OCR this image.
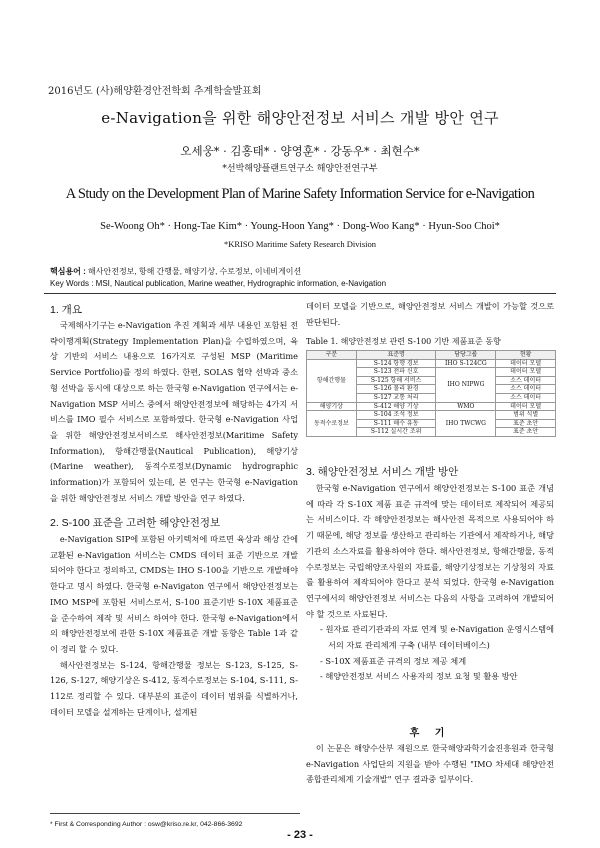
2016년도 (사)해양환경안전학회 추계학술발표회
e-Navigation을 위한 해양안전정보 서비스 개발 방안 연구
오세웅* · 김홍태* · 양영훈* · 강동우* · 최현수*
*선박해양플랜트연구소 해양안전연구부
A Study on the Development Plan of Marine Safety Information Service for e-Navigation
Se-Woong Oh* · Hong-Tae Kim* · Young-Hoon Yang* · Dong-Woo Kang* · Hyun-Soo Choi*
*KRISO Maritime Safety Research Division
핵심용어 : 해사안전정보, 항해 간행물, 해양기상, 수로정보, 이네비게이션
Key Words : MSI, Nautical publication, Marine weather, Hydrographic information, e-Navigation
1. 개요

국제해사기구는 e-Navigation 추진 계획과 세부 내용인 포함된 전략이행계획(Strategy Implementation Plan)을 수립하였으며, 육상 기반의 서비스 내용으로 16가지로 구성된 MSP (Maritime Service Portfolio)를 정의 하였다. 한편, SOLAS 협약 선박과 중소형 선박을 동시에 대상으로 하는 한국형 e-Navigation 연구에서는 e-Navigation MSP 서비스 중에서 해양안전정보에 해당하는 4가지 서비스를 IMO 필수 서비스로 포함하였다. 한국형 e-Navigation 사업을 위한 해양안전정보서비스로 해사안전정보(Maritime Safety Information), 항해간행물(Nautical Publication), 해양기상(Marine weather), 동적수로정보(Dynamic hydrographic information)가 포함되어 있는데, 본 연구는 한국형 e-Navigation을 위한 해양안전정보 서비스 개발 방안을 연구 하였다.

2. S-100 표준을 고려한 해양안전정보

e-Navigation SIP에 포함된 아키텍처에 따르면 육상과 해상 간에 교환된 e-Navigation 서비스는 CMDS 데이터 표준 기반으로 개발되어야 한다고 정의하고, CMDS는 IHO S-100을 기반으로 개발해야 한다고 명시 하였다. 한국형 e-Navigaton 연구에서 해양안전정보는 IMO MSP에 포함된 서비스로서, S-100 표준기반 S-10X 제품표준을 준수하여 제작 및 서비스 하여야 한다. 한국형 e-Navigation에서의 해양안전정보에 관한 S-10X 제품표준 개발 동향은 Table 1과 같이 정리 할 수 있다.

해사안전정보는 S-124, 항해간행물 정보는 S-123, S-125, S-126, S-127, 해양기상은 S-412, 동적수로정보는 S-104, S-111, S-112로 정리할 수 있다. 대부분의 표준이 데이터 범위를 식별하거나, 데이터 모델을 설계하는 단계이나, 설계된

* First & Corresponding Author : osw@kriso.re.kr, 042-866-3692

데이터 모델을 기반으로, 해양안전정보 서비스 개발이 가능할 것으로 판단된다.

Table 1. 해양안전정보 관련 S-100 기반 제품표준 동향
구분	표준명	담당그룹	현황
항해간행물	S-124 항행 경보	IHO S-124CG	데이터 모델
	S-123 전파 신호	IHO NIPWG	데이터 모델
	S-125 항해 서비스		소스 데이터
	S-126 물리 환경		소스 데이터
	S-127 교통 처리		소스 데이터
해양기상	S-412 해양 기상	WMO	데이터 모델
동적수로정보	S-104 조석 정보	IHO TWCWG	범위 식별
	S-111 해수 유동		표준 초안
	S-112 실시간 조위		표준 초안
3. 해양안전정보 서비스 개발 방안

한국형 e-Navigation 연구에서 해양안전정보는 S-100 표준 개념에 따라 각 S-10X 제품 표준 규격에 맞는 데이터로 제작되어 제공되는 서비스이다. 각 해양안전정보는 해사안전 목적으로 사용되어야 하기 때문에, 해당 정보를 생산하고 관리하는 기관에서 제작하거나, 해당 기관의 소스자료를 활용하여야 한다. 해사안전정보, 항해간행물, 동적수로정보는 국립해양조사원의 자료를, 해양기상정보는 기상청의 자료를 활용하여 제작되어야 한다고 분석 되었다. 한국형 e-Navigation 연구에서의 해양안전정보 서비스는 다음의 사항을 고려하여 개발되어야 할 것으로 사료된다.

- 원자료 관리기관과의 자료 연계 및 e-Navigation 운영시스템에서의 자료 관리체계 구축 (내부 데이터베이스)
- S-10X 제품표준 규격의 정보 제공 체계
- 해양안전정보 서비스 사용자의 정보 요청 및 활용 방안
후 기

이 논문은 해양수산부 재원으로 한국해양과학기술진흥원과 한국형 e-Navigation 사업단의 지원을 받아 수행된 "IMO 차세대 해양안전종합관리체계 기술개발" 연구 결과중 일부이다.

- 23 -
